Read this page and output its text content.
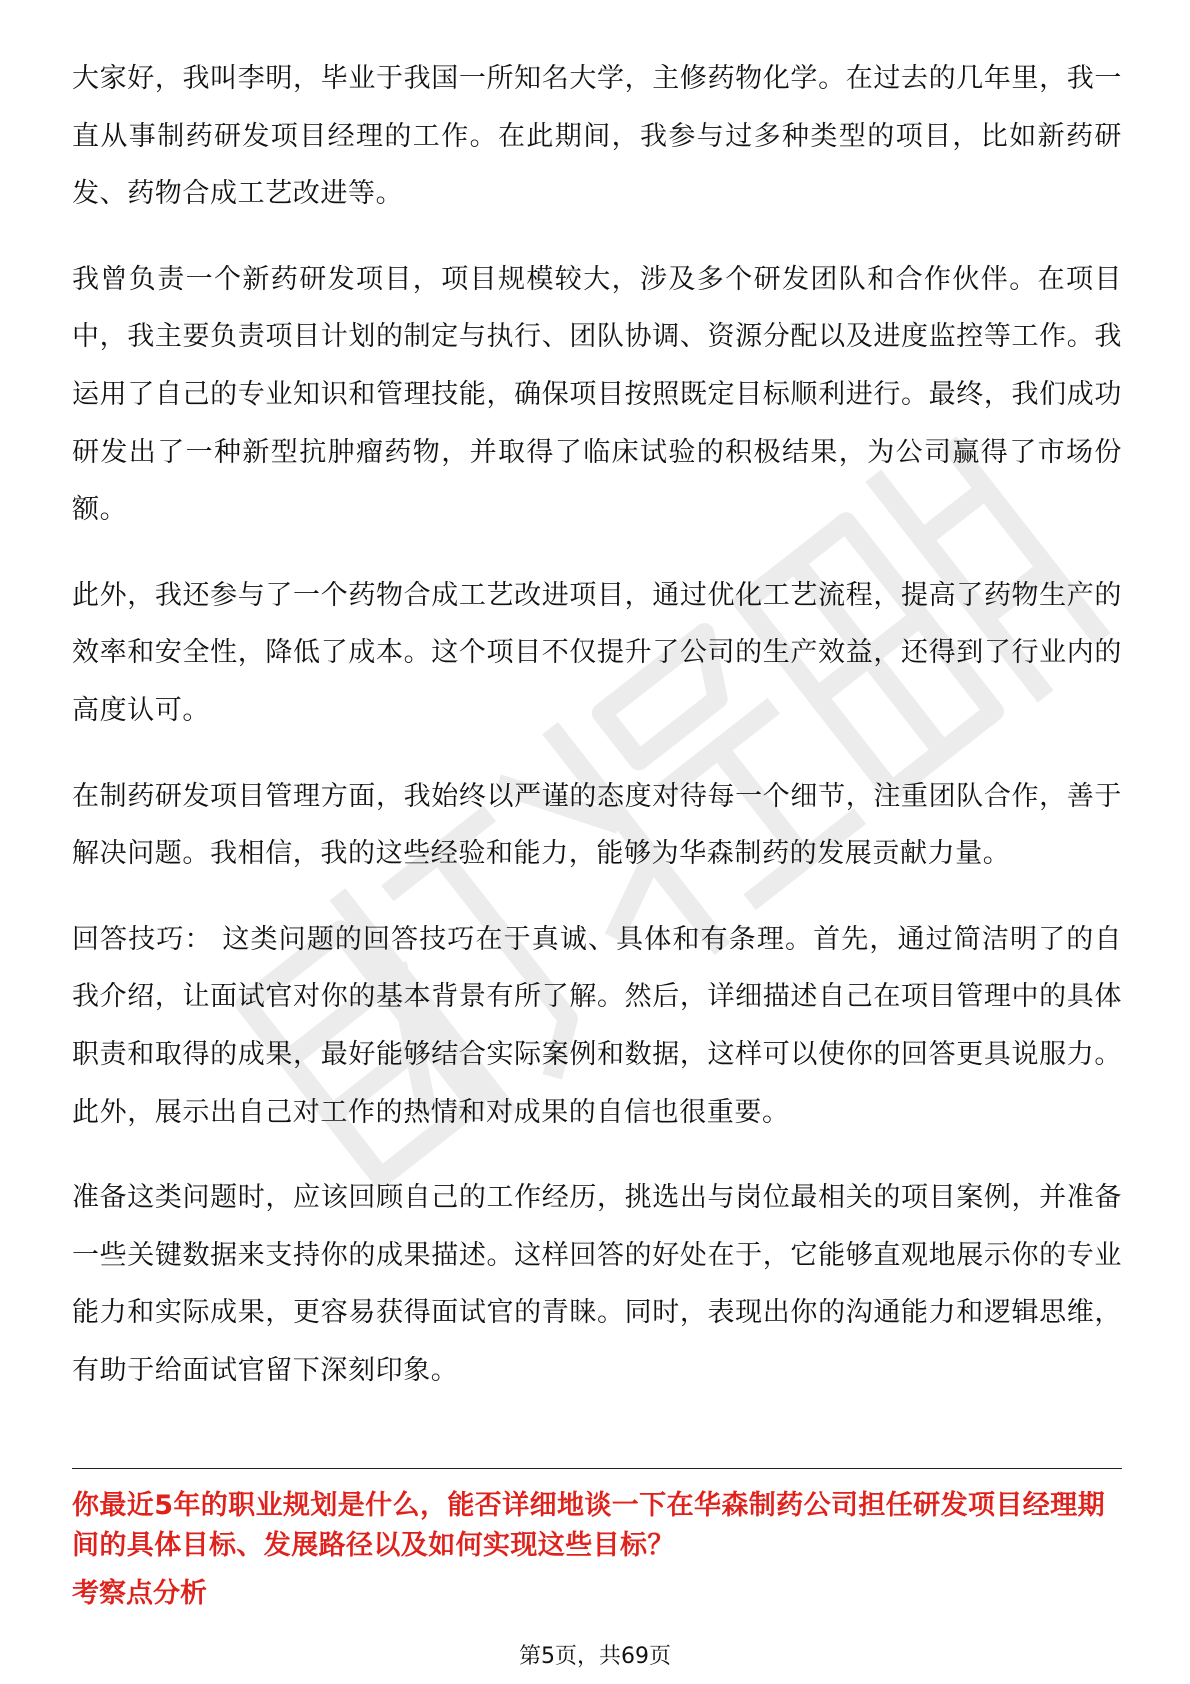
大家好，我叫李明，毕业于我国一所知名大学，主修药物化学。在过去的几年里，我一直从事制药研发项目经理的工作。在此期间，我参与过多种类型的项目，比如新药研发、药物合成工艺改进等。

我曾负责一个新药研发项目，项目规模较大，涉及多个研发团队和合作伙伴。在项目中，我主要负责项目计划的制定与执行、团队协调、资源分配以及进度监控等工作。我运用了自己的专业知识和管理技能，确保项目按照既定目标顺利进行。最终，我们成功研发出了一种新型抗肿瘤药物，并取得了临床试验的积极结果，为公司赢得了市场份额。

此外，我还参与了一个药物合成工艺改进项目，通过优化工艺流程，提高了药物生产的效率和安全性，降低了成本。这个项目不仅提升了公司的生产效益，还得到了行业内的高度认可。

在制药研发项目管理方面，我始终以严谨的态度对待每一个细节，注重团队合作，善于解决问题。我相信，我的这些经验和能力，能够为华森制药的发展贡献力量。

回答技巧： 这类问题的回答技巧在于真诚、具体和有条理。首先，通过简洁明了的自我介绍，让面试官对你的基本背景有所了解。然后，详细描述自己在项目管理中的具体职责和取得的成果，最好能够结合实际案例和数据，这样可以使你的回答更具说服力。此外，展示出自己对工作的热情和对成果的自信也很重要。

准备这类问题时，应该回顾自己的工作经历，挑选出与岗位最相关的项目案例，并准备一些关键数据来支持你的成果描述。这样回答的好处在于，它能够直观地展示你的专业能力和实际成果，更容易获得面试官的青睐。同时，表现出你的沟通能力和逻辑思维，有助于给面试官留下深刻印象。

你最近5年的职业规划是什么，能否详细地谈一下在华森制药公司担任研发项目经理期间的具体目标、发展路径以及如何实现这些目标？
考察点分析
第5页，共69页
